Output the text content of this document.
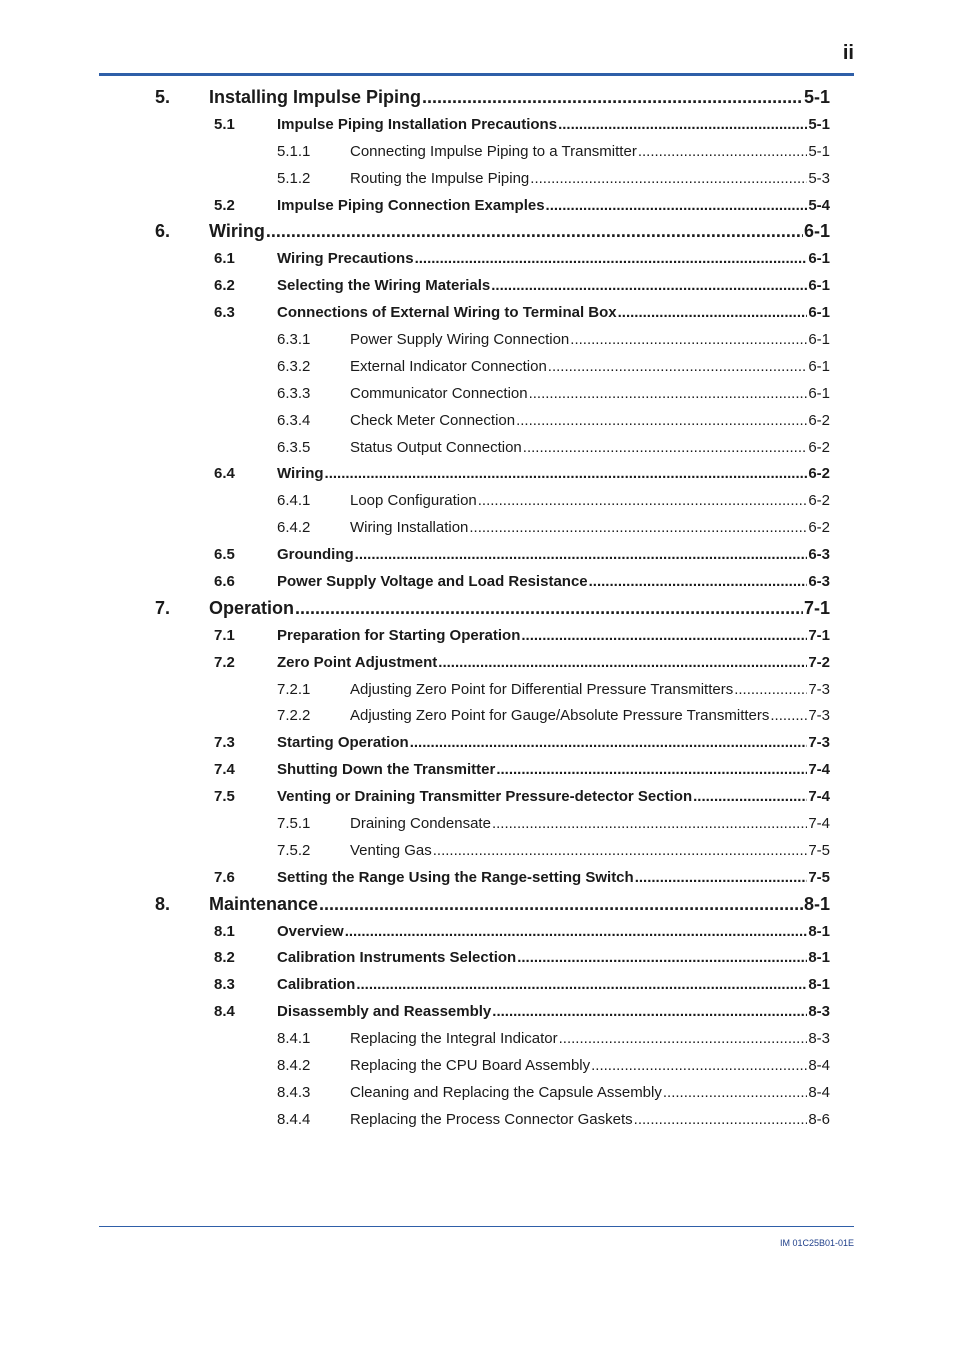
ii
5. Installing Impulse Piping .....	5-1
5.1	Impulse Piping Installation Precautions .....	5-1
5.1.1	Connecting Impulse Piping to a Transmitter .....	5-1
5.1.2	Routing the Impulse Piping .....	5-3
5.2	Impulse Piping Connection Examples .....	5-4
6. Wiring .....	6-1
6.1	Wiring Precautions .....	6-1
6.2	Selecting the Wiring Materials .....	6-1
6.3	Connections of External Wiring to Terminal Box .....	6-1
6.3.1	Power Supply Wiring Connection .....	6-1
6.3.2	External Indicator Connection .....	6-1
6.3.3	Communicator Connection .....	6-1
6.3.4	Check Meter Connection .....	6-2
6.3.5	Status Output Connection .....	6-2
6.4	Wiring .....	6-2
6.4.1	Loop Configuration .....	6-2
6.4.2	Wiring Installation .....	6-2
6.5	Grounding .....	6-3
6.6	Power Supply Voltage and Load Resistance .....	6-3
7. Operation .....	7-1
7.1	Preparation for Starting Operation .....	7-1
7.2	Zero Point Adjustment .....	7-2
7.2.1	Adjusting Zero Point for Differential Pressure Transmitters .....	7-3
7.2.2	Adjusting Zero Point for Gauge/Absolute Pressure Transmitters .....	7-3
7.3	Starting Operation .....	7-3
7.4	Shutting Down the Transmitter .....	7-4
7.5	Venting or Draining Transmitter Pressure-detector Section .....	7-4
7.5.1	Draining Condensate .....	7-4
7.5.2	Venting Gas .....	7-5
7.6	Setting the Range Using the Range-setting Switch .....	7-5
8. Maintenance .....	8-1
8.1	Overview .....	8-1
8.2	Calibration Instruments Selection .....	8-1
8.3	Calibration .....	8-1
8.4	Disassembly and Reassembly .....	8-3
8.4.1	Replacing the Integral Indicator .....	8-3
8.4.2	Replacing the CPU Board Assembly .....	8-4
8.4.3	Cleaning and Replacing the Capsule Assembly .....	8-4
8.4.4	Replacing the Process Connector Gaskets .....	8-6
IM 01C25B01-01E
